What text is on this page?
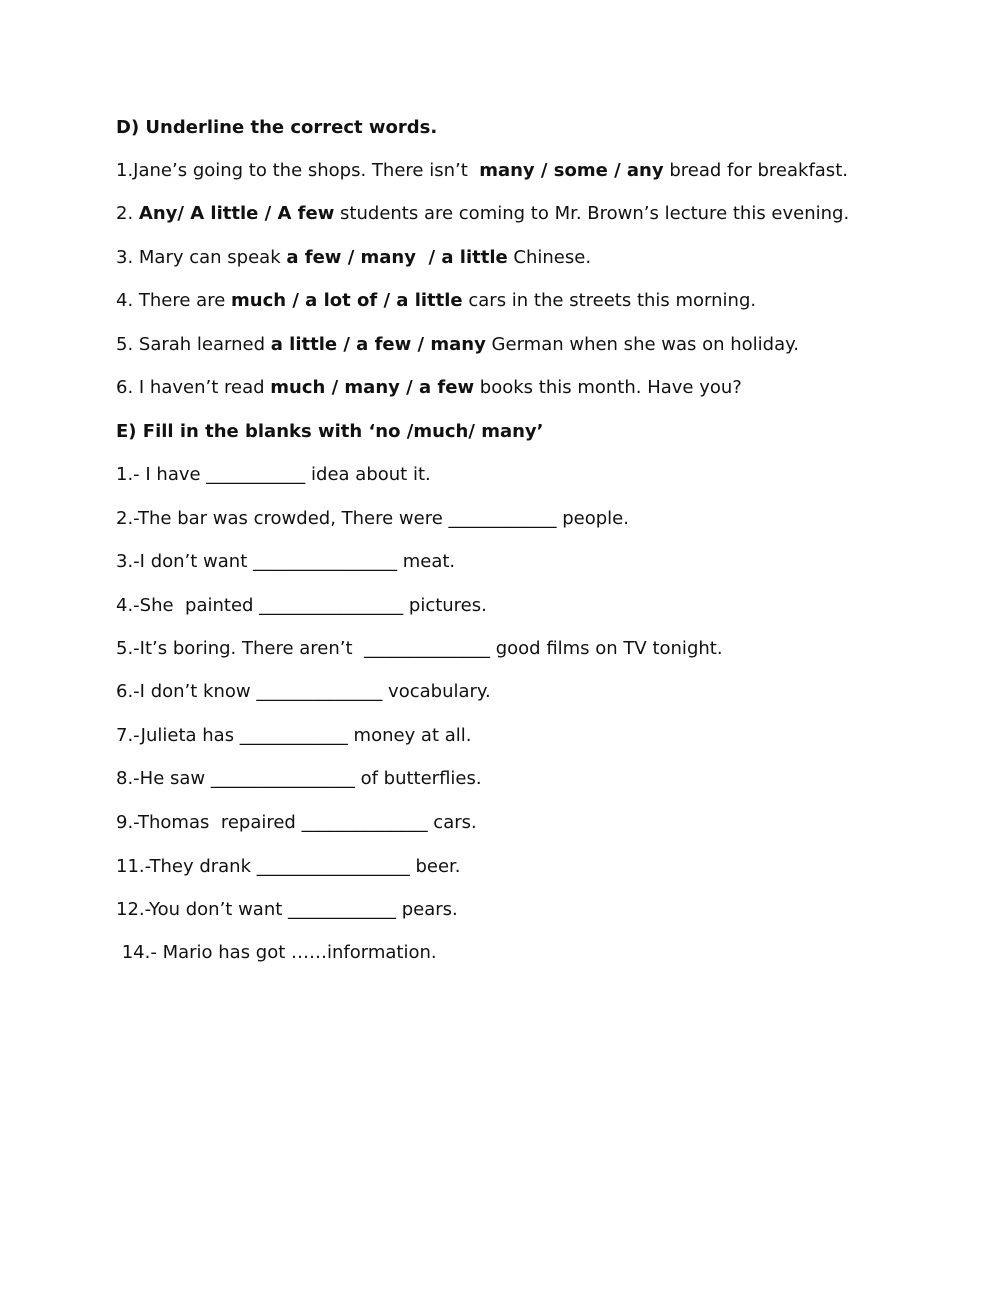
D) Underline the correct words.
1.Jane’s going to the shops. There isn’t  many / some / any bread for breakfast.
2. Any/ A little / A few students are coming to Mr. Brown’s lecture this evening.
3. Mary can speak a few / many  / a little Chinese.
4. There are much / a lot of / a little cars in the streets this morning.
5. Sarah learned a little / a few / many German when she was on holiday.
6. I haven’t read much / many / a few books this month. Have you?
E) Fill in the blanks with ‘no /much/ many’
1.- I have ___________ idea about it.
2.-The bar was crowded, There were ____________ people.
3.-I don’t want ________________ meat.
4.-She  painted ________________ pictures.
5.-It’s boring. There aren’t  ______________ good films on TV tonight.
6.-I don’t know ______________ vocabulary.
7.-Julieta has ____________ money at all.
8.-He saw ________________ of butterflies.
9.-Thomas  repaired ______________ cars.
11.-They drank _________________ beer.
12.-You don’t want ____________ pears.
14.- Mario has got ……information.
